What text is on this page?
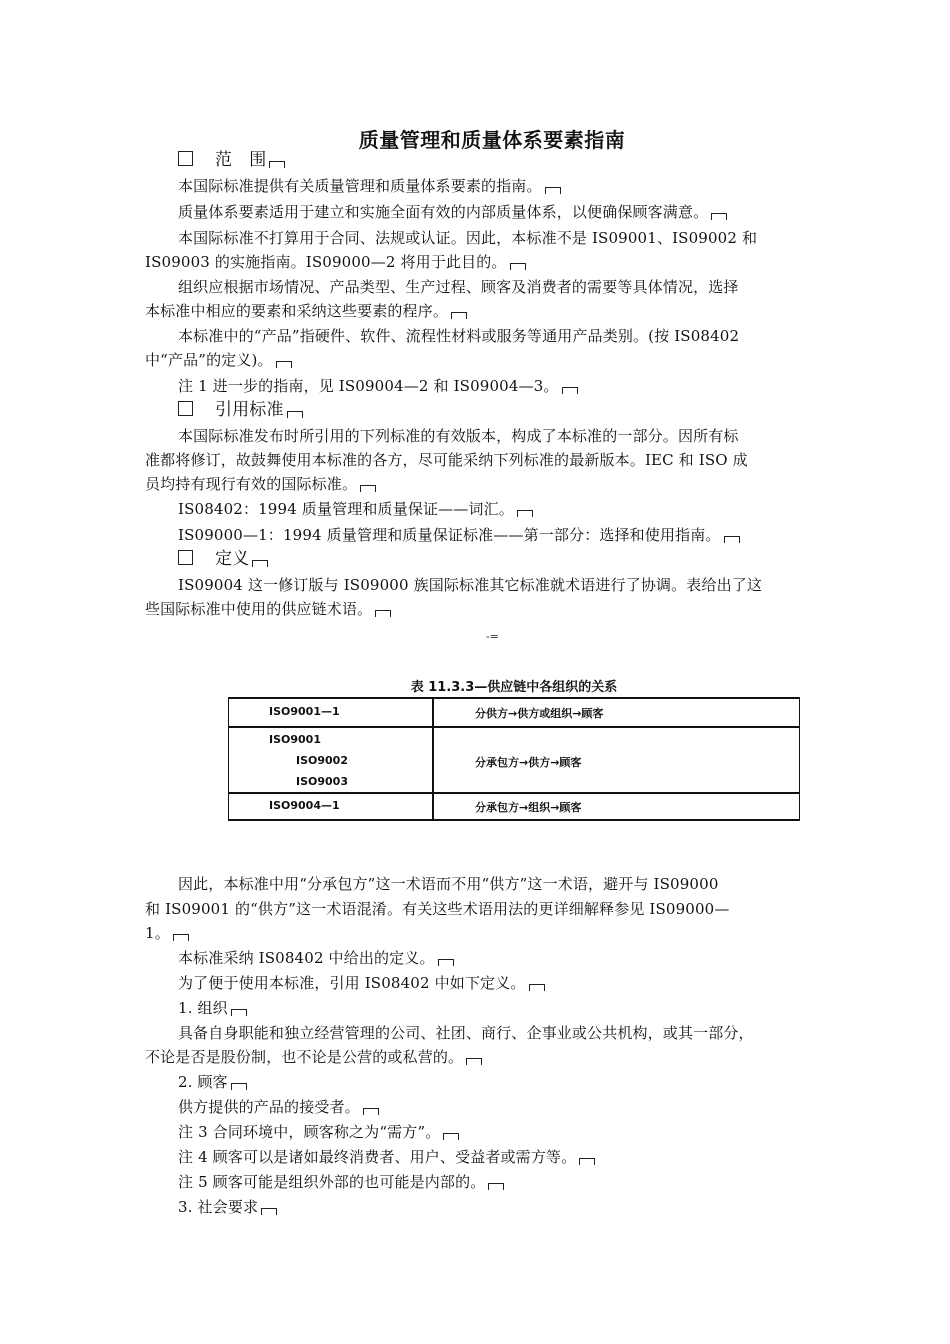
质量管理和质量体系要素指南
范　围
本国际标准提供有关质量管理和质量体系要素的指南。
质量体系要素适用于建立和实施全面有效的内部质量体系，以便确保顾客满意。
本国际标准不打算用于合同、法规或认证。因此，本标准不是 IS09001、IS09002 和
IS09003 的实施指南。IS09000—2 将用于此目的。
组织应根据市场情况、产品类型、生产过程、顾客及消费者的需要等具体情况，选择
本标准中相应的要素和采纳这些要素的程序。
本标准中的“产品”指硬件、软件、流程性材料或服务等通用产品类别。(按 IS08402
中“产品”的定义)。
注 1 进一步的指南，见 IS09004—2 和 IS09004—3。
引用标准
本国际标准发布时所引用的下列标准的有效版本，构成了本标准的一部分。因所有标
准都将修订，故鼓舞使用本标准的各方，尽可能采纳下列标准的最新版本。IEC 和 ISO 成
员均持有现行有效的国际标准。
IS08402：1994 质量管理和质量保证——词汇。
IS09000—1：1994 质量管理和质量保证标准——第一部分：选择和使用指南。
定义
IS09004 这一修订版与 IS09000 族国际标准其它标准就术语进行了协调。表给出了这
些国际标准中使用的供应链术语。
-=
表 11.3.3—供应链中各组织的关系
ISO9001—1	分供方→供方或组织→顾客
ISO9001
ISO9002
ISO9003
分承包方→供方→顾客
ISO9004—1	分承包方→组织→顾客
因此，本标准中用“分承包方”这一术语而不用“供方”这一术语，避开与 IS09000
和 IS09001 的“供方”这一术语混淆。有关这些术语用法的更详细解释参见 IS09000—
1。
本标准采纳 IS08402 中给出的定义。
为了便于使用本标准，引用 IS08402 中如下定义。
1. 组织
具备自身职能和独立经营管理的公司、社团、商行、企事业或公共机构，或其一部分，
不论是否是股份制，也不论是公营的或私营的。
2. 顾客
供方提供的产品的接受者。
注 3 合同环境中，顾客称之为“需方”。
注 4 顾客可以是诸如最终消费者、用户、受益者或需方等。
注 5 顾客可能是组织外部的也可能是内部的。
3. 社会要求
